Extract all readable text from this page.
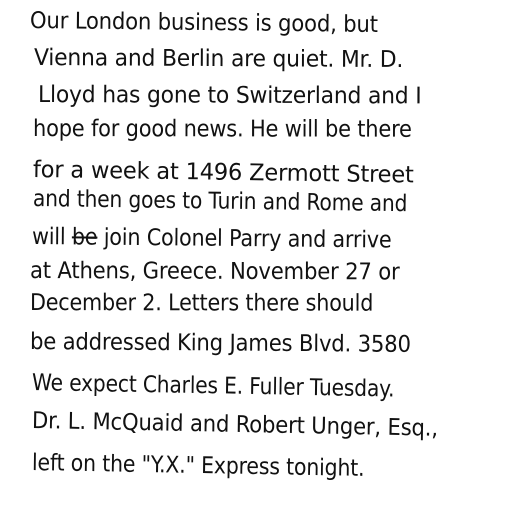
Our London business is good, but
Vienna and Berlin are quiet. Mr. D.
Lloyd has gone to Switzerland and I
hope for good news. He will be there
for a week at 1496 Zermott Street
and then goes to Turin and Rome and
will be join Colonel Parry and arrive
at Athens, Greece. November 27 or
December 2. Letters there should
be addressed King James Blvd. 3580
We expect Charles E. Fuller Tuesday.
Dr. L. McQuaid and Robert Unger, Esq.,
left on the "Y.X." Express tonight.
